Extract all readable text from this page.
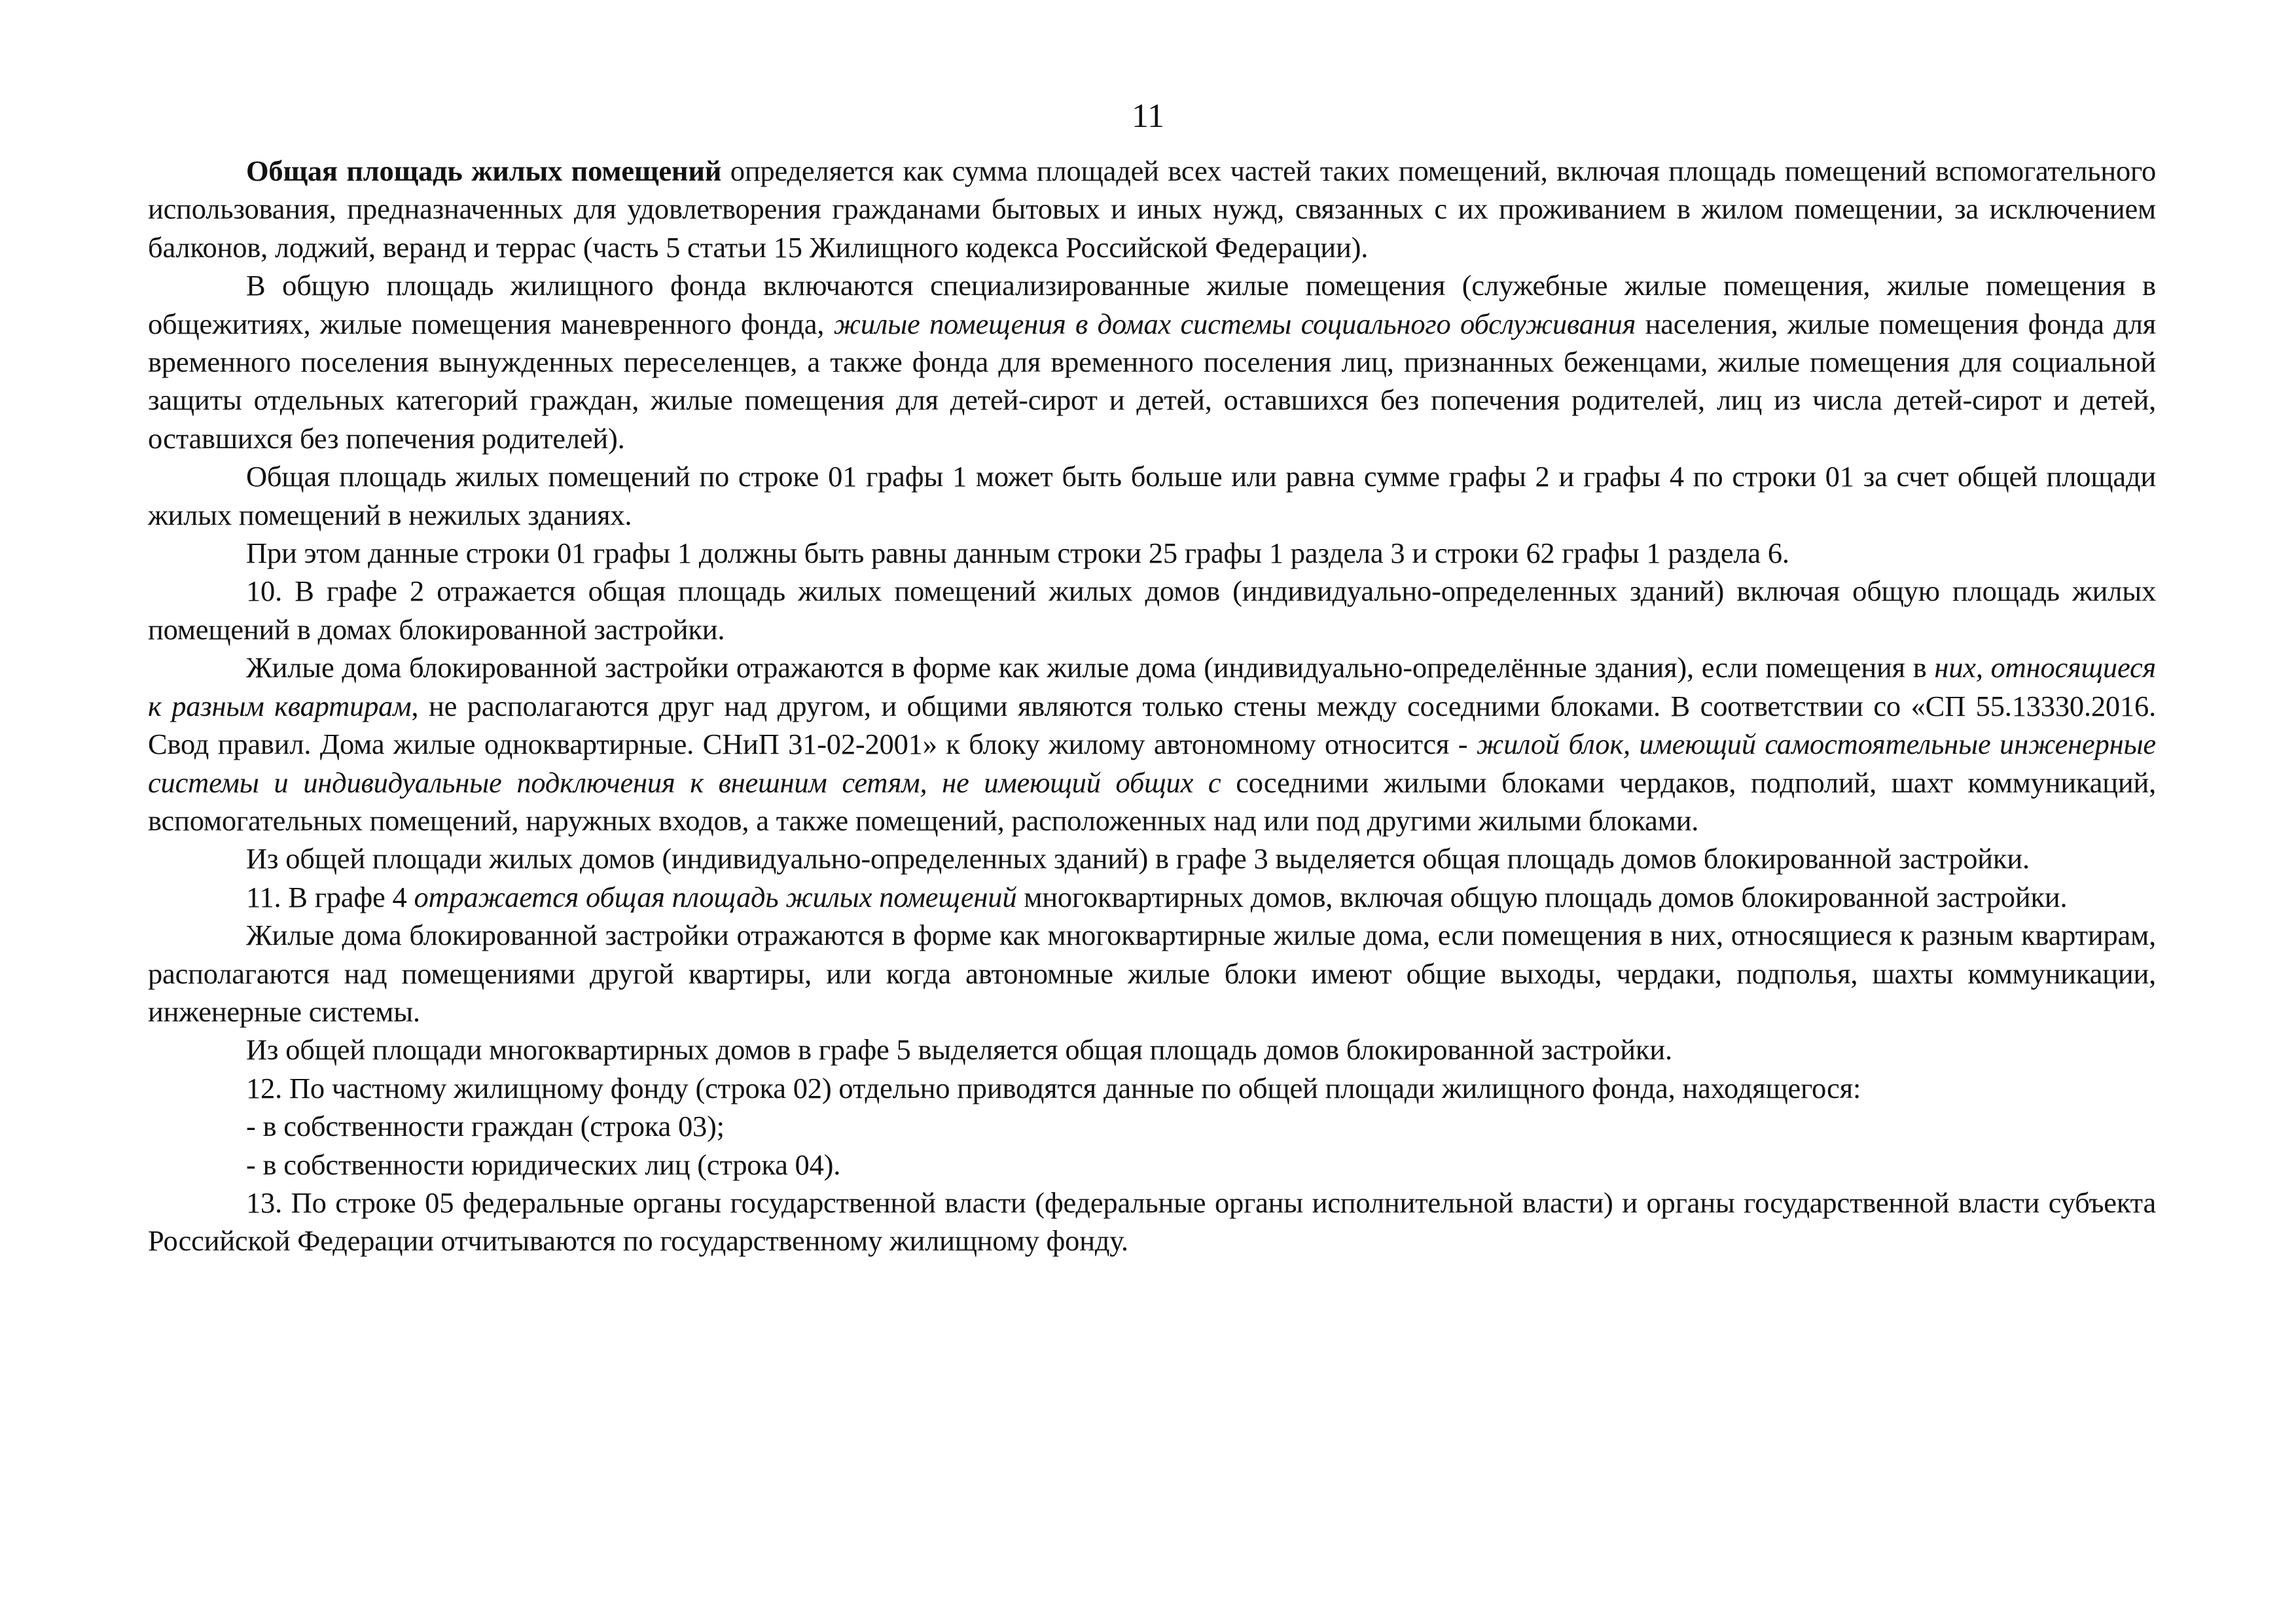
11

Общая площадь жилых помещений определяется как сумма площадей всех частей таких помещений, включая площадь помещений вспомогательного использования, предназначенных для удовлетворения гражданами бытовых и иных нужд, связанных с их проживанием в жилом помещении, за исключением балконов, лоджий, веранд и террас (часть 5 статьи 15 Жилищного кодекса Российской Федерации).

В общую площадь жилищного фонда включаются специализированные жилые помещения (служебные жилые помещения, жилые помещения в общежитиях, жилые помещения маневренного фонда, жилые помещения в домах системы социального обслуживания населения, жилые помещения фонда для временного поселения вынужденных переселенцев, а также фонда для временного поселения лиц, признанных беженцами, жилые помещения для социальной защиты отдельных категорий граждан, жилые помещения для детей-сирот и детей, оставшихся без попечения родителей, лиц из числа детей-сирот и детей, оставшихся без попечения родителей).

Общая площадь жилых помещений по строке 01 графы 1 может быть больше или равна сумме графы 2 и графы 4 по строки 01 за счет общей площади жилых помещений в нежилых зданиях.

При этом данные строки 01 графы 1 должны быть равны данным строки 25 графы 1 раздела 3 и строки 62 графы 1 раздела 6.

10. В графе 2 отражается общая площадь жилых помещений жилых домов (индивидуально-определенных зданий) включая общую площадь жилых помещений в домах блокированной застройки.

Жилые дома блокированной застройки отражаются в форме как жилые дома (индивидуально-определённые здания), если помещения в них, относящиеся к разным квартирам, не располагаются друг над другом, и общими являются только стены между соседними блоками. В соответствии со «СП 55.13330.2016. Свод правил. Дома жилые одноквартирные. СНиП 31-02-2001» к блоку жилому автономному относится - жилой блок, имеющий самостоятельные инженерные системы и индивидуальные подключения к внешним сетям, не имеющий общих с соседними жилыми блоками чердаков, подполий, шахт коммуникаций, вспомогательных помещений, наружных входов, а также помещений, расположенных над или под другими жилыми блоками.

Из общей площади жилых домов (индивидуально-определенных зданий) в графе 3 выделяется общая площадь домов блокированной застройки.

11. В графе 4 отражается общая площадь жилых помещений многоквартирных домов, включая общую площадь домов блокированной застройки.

Жилые дома блокированной застройки отражаются в форме как многоквартирные жилые дома, если помещения в них, относящиеся к разным квартирам, располагаются над помещениями другой квартиры, или когда автономные жилые блоки имеют общие выходы, чердаки, подполья, шахты коммуникации, инженерные системы.

Из общей площади многоквартирных домов в графе 5 выделяется общая площадь домов блокированной застройки.

12. По частному жилищному фонду (строка 02) отдельно приводятся данные по общей площади жилищного фонда, находящегося:

- в собственности граждан (строка 03);

- в собственности юридических лиц (строка 04).

13. По строке 05 федеральные органы государственной власти (федеральные органы исполнительной власти) и органы государственной власти субъекта Российской Федерации отчитываются по государственному жилищному фонду.
